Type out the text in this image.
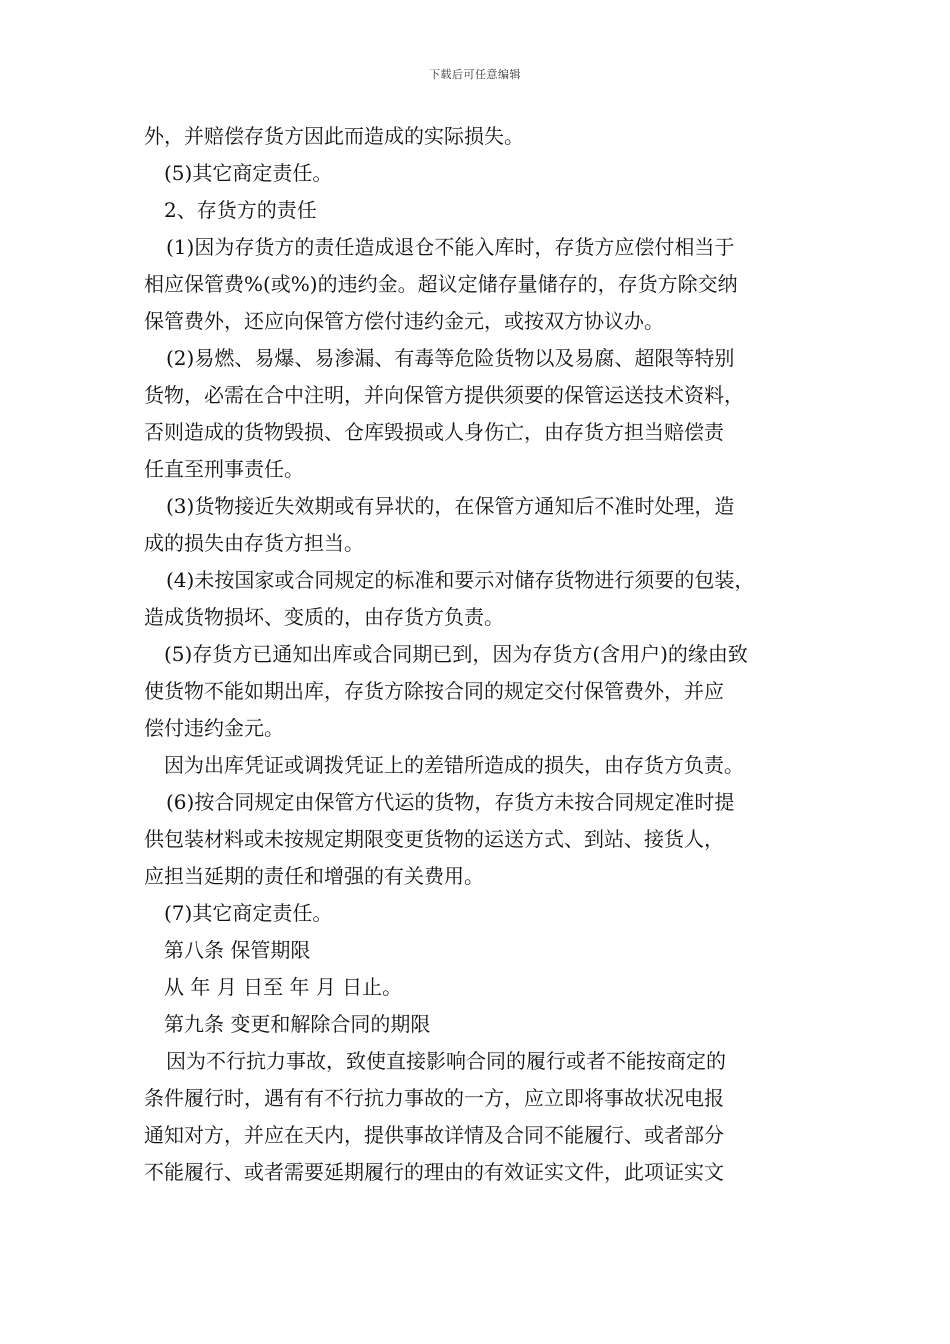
下载后可任意编辑
外，并赔偿存货方因此而造成的实际损失。
(5)其它商定责任。
2、存货方的责任
(1)因为存货方的责任造成退仓不能入库时，存货方应偿付相当于
相应保管费%(或%)的违约金。超议定储存量储存的，存货方除交纳
保管费外，还应向保管方偿付违约金元，或按双方协议办。
(2)易燃、易爆、易渗漏、有毒等危险货物以及易腐、超限等特别
货物，必需在合中注明，并向保管方提供须要的保管运送技术资料，
否则造成的货物毁损、仓库毁损或人身伤亡，由存货方担当赔偿责
任直至刑事责任。
(3)货物接近失效期或有异状的，在保管方通知后不准时处理，造
成的损失由存货方担当。
(4)未按国家或合同规定的标准和要示对储存货物进行须要的包装，
造成货物损坏、变质的，由存货方负责。
(5)存货方已通知出库或合同期已到，因为存货方(含用户)的缘由致
使货物不能如期出库，存货方除按合同的规定交付保管费外，并应
偿付违约金元。
因为出库凭证或调拨凭证上的差错所造成的损失，由存货方负责。
(6)按合同规定由保管方代运的货物，存货方未按合同规定准时提
供包装材料或未按规定期限变更货物的运送方式、到站、接货人，
应担当延期的责任和增强的有关费用。
(7)其它商定责任。
第八条 保管期限
从 年 月 日至 年 月 日止。
第九条 变更和解除合同的期限
因为不行抗力事故，致使直接影响合同的履行或者不能按商定的
条件履行时，遇有有不行抗力事故的一方，应立即将事故状况电报
通知对方，并应在天内，提供事故详情及合同不能履行、或者部分
不能履行、或者需要延期履行的理由的有效证实文件，此项证实文
